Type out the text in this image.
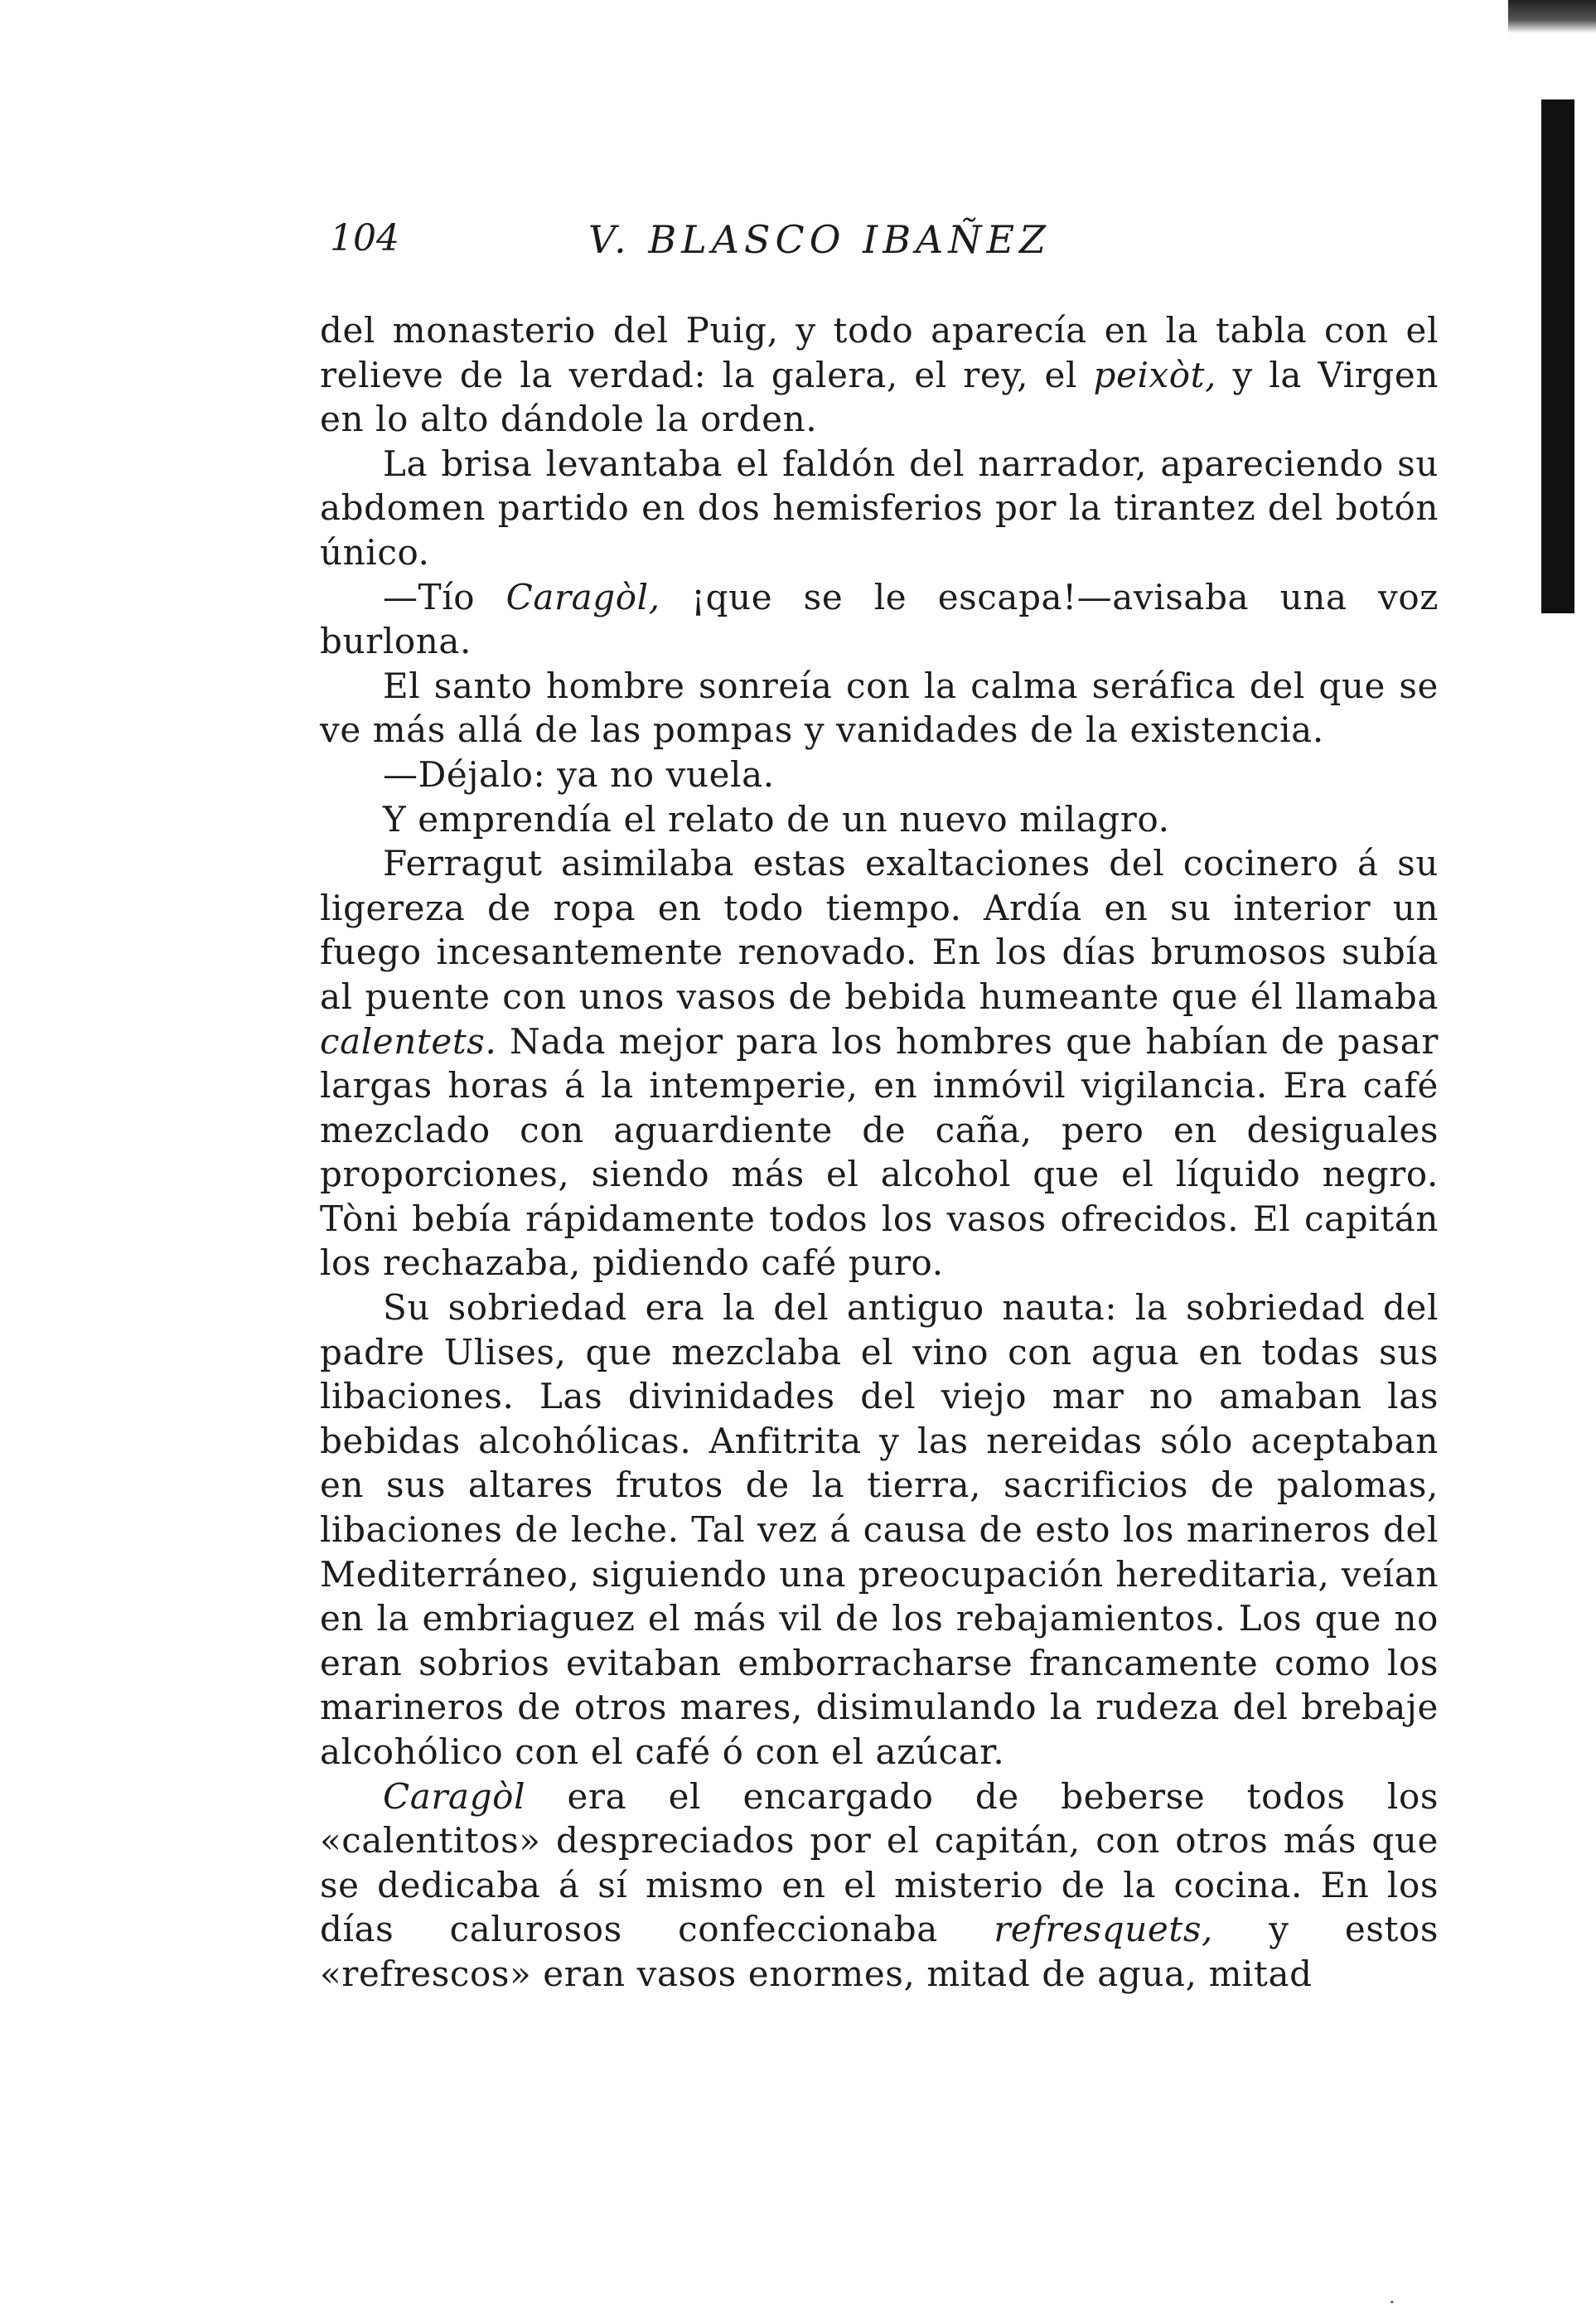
104	V. BLASCO IBAÑEZ

del monasterio del Puig, y todo aparecía en la tabla con el relieve de la verdad: la galera, el rey, el peixòt, y la Virgen en lo alto dándole la orden.

La brisa levantaba el faldón del narrador, apareciendo su abdomen partido en dos hemisferios por la tirantez del botón único.

—Tío Caragòl, ¡que se le escapa!—avisaba una voz burlona.

El santo hombre sonreía con la calma seráfica del que se ve más allá de las pompas y vanidades de la existencia.

—Déjalo: ya no vuela.

Y emprendía el relato de un nuevo milagro.

Ferragut asimilaba estas exaltaciones del cocinero á su ligereza de ropa en todo tiempo. Ardía en su interior un fuego incesantemente renovado. En los días brumosos subía al puente con unos vasos de bebida humeante que él llamaba calentets. Nada mejor para los hombres que habían de pasar largas horas á la intemperie, en inmóvil vigilancia. Era café mezclado con aguardiente de caña, pero en desiguales proporciones, siendo más el alcohol que el líquido negro. Tòni bebía rápidamente todos los vasos ofrecidos. El capitán los rechazaba, pidiendo café puro.

Su sobriedad era la del antiguo nauta: la sobriedad del padre Ulises, que mezclaba el vino con agua en todas sus libaciones. Las divinidades del viejo mar no amaban las bebidas alcohólicas. Anfitrita y las nereidas sólo aceptaban en sus altares frutos de la tierra, sacrificios de palomas, libaciones de leche. Tal vez á causa de esto los marineros del Mediterráneo, siguiendo una preocupación hereditaria, veían en la embriaguez el más vil de los rebajamientos. Los que no eran sobrios evitaban emborracharse francamente como los marineros de otros mares, disimulando la rudeza del brebaje alcohólico con el café ó con el azúcar.

Caragòl era el encargado de beberse todos los «calentitos» despreciados por el capitán, con otros más que se dedicaba á sí mismo en el misterio de la cocina. En los días calurosos confeccionaba refresquets, y estos «refrescos» eran vasos enormes, mitad de agua, mitad

·
